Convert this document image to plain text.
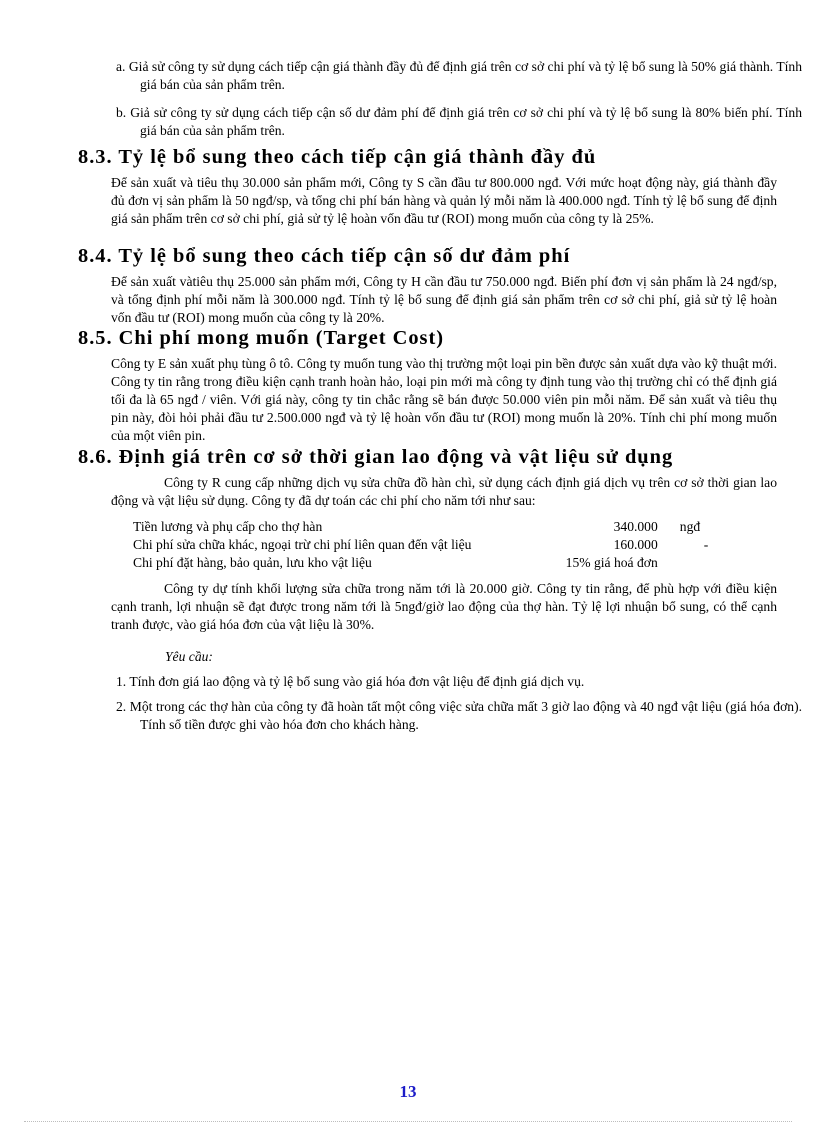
a. Giả sử công ty sử dụng cách tiếp cận giá thành đầy đủ để định giá trên cơ sở chi phí và tỷ lệ bổ sung là 50% giá thành. Tính giá bán của sản phẩm trên.

b. Giả sử công ty sử dụng cách tiếp cận số dư đảm phí để định giá trên cơ sở chi phí và tỷ lệ bổ sung là 80% biến phí. Tính giá bán của sản phẩm trên.

8.3. Tỷ lệ bổ sung theo cách tiếp cận giá thành đầy đủ

Để sản xuất và tiêu thụ 30.000 sản phẩm mới, Công ty S cần đầu tư 800.000 ngđ. Với mức hoạt động này, giá thành đầy đủ đơn vị sản phẩm là 50 ngđ/sp, và tổng chi phí bán hàng và quản lý mỗi năm là 400.000 ngđ. Tính tỷ lệ bổ sung để định giá sản phẩm trên cơ sở chi phí, giả sử tỷ lệ hoàn vốn đầu tư (ROI) mong muốn của công ty là 25%.

8.4. Tỷ lệ bổ sung theo cách tiếp cận số dư đảm phí

Để sản xuất vàtiêu thụ 25.000 sản phẩm mới, Công ty H cần đầu tư 750.000 ngđ. Biến phí đơn vị sản phẩm là 24 ngđ/sp, và tổng định phí mỗi năm là 300.000 ngđ. Tính tỷ lệ bổ sung để định giá sản phẩm trên cơ sở chi phí, giả sử tỷ lệ hoàn vốn đầu tư (ROI) mong muốn của công ty là 20%.

8.5. Chi phí mong muốn (Target Cost)

Công ty E sản xuất phụ tùng ô tô. Công ty muốn tung vào thị trường một loại pin bền được sản xuất dựa vào kỹ thuật mới. Công ty tin rằng trong điều kiện cạnh tranh hoàn hảo, loại pin mới mà công ty định tung vào thị trường chỉ có thể định giá tối đa là 65 ngđ / viên. Với giá này, công ty tin chắc rằng sẽ bán được 50.000 viên pin mỗi năm. Để sản xuất và tiêu thụ pin này, đòi hỏi phải đầu tư 2.500.000 ngđ và tỷ lệ hoàn vốn đầu tư (ROI) mong muốn là 20%. Tính chi phí mong muốn của một viên pin.

8.6. Định giá trên cơ sở thời gian lao động và vật liệu sử dụng

Công ty R cung cấp những dịch vụ sửa chữa đồ hàn chì, sử dụng cách định giá dịch vụ trên cơ sở thời gian lao động và vật liệu sử dụng. Công ty đã dự toán các chi phí cho năm tới như sau:

Tiền lương và phụ cấp cho thợ hàn	340.000	ngđ
Chi phí sửa chữa khác, ngoại trừ chi phí liên quan đến vật liệu	160.000	-
Chi phí đặt hàng, bảo quản, lưu kho vật liệu	15% giá hoá đơn	

Công ty dự tính khối lượng sửa chữa trong năm tới là 20.000 giờ. Công ty tin rằng, để phù hợp với điều kiện cạnh tranh, lợi nhuận sẽ đạt được trong năm tới là 5ngđ/giờ lao động của thợ hàn. Tỷ lệ lợi nhuận bổ sung, có thể cạnh tranh được, vào giá hóa đơn của vật liệu là 30%.

Yêu cầu:

1. Tính đơn giá lao động và tỷ lệ bổ sung vào giá hóa đơn vật liệu để định giá dịch vụ.

2. Một trong các thợ hàn của công ty đã hoàn tất một công việc sửa chữa mất 3 giờ lao động và 40 ngđ vật liệu (giá hóa đơn). Tính số tiền được ghi vào hóa đơn cho khách hàng.

13
